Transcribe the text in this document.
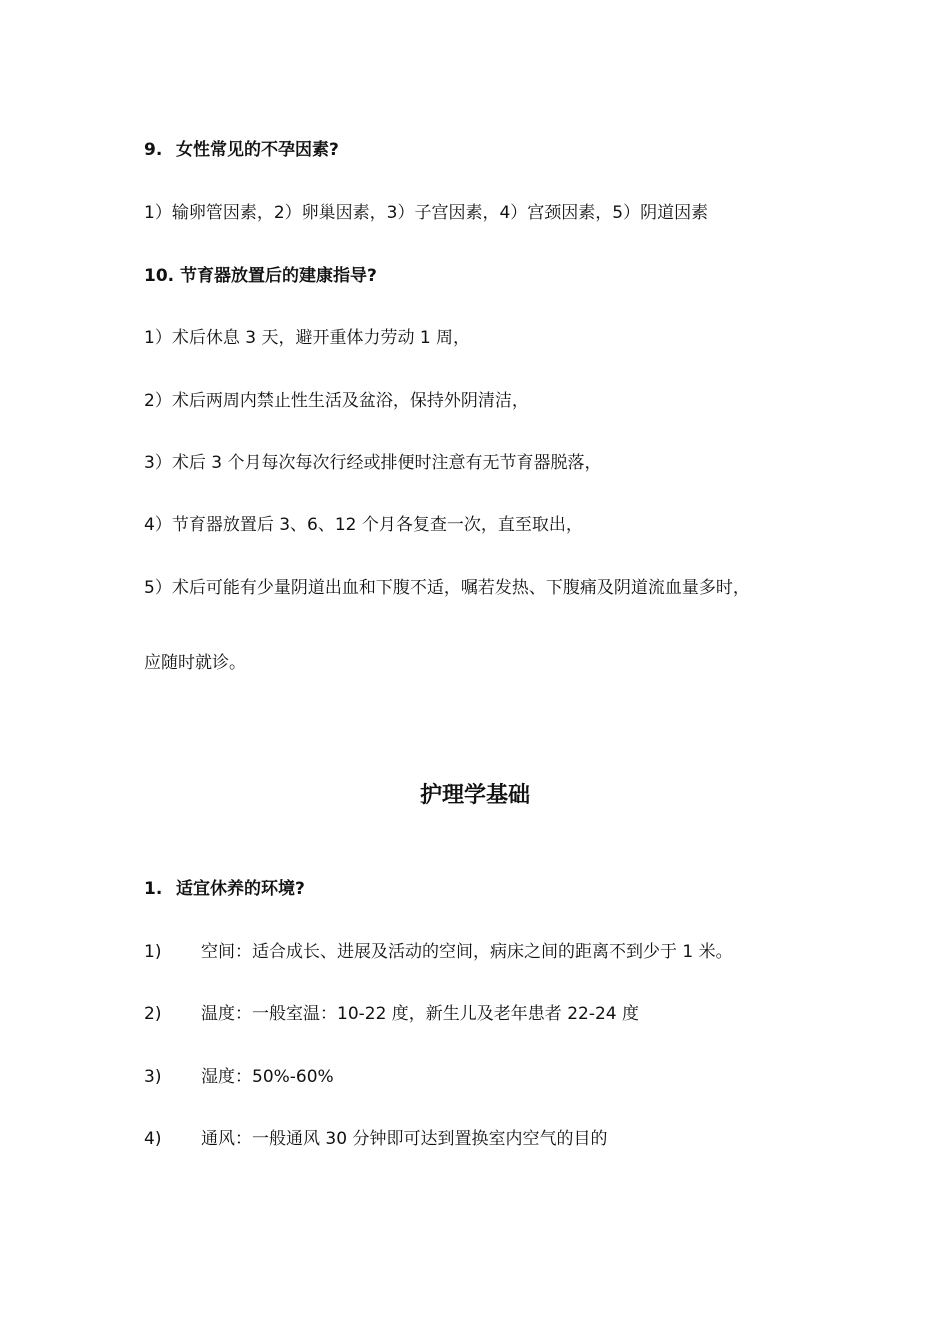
9. 女性常见的不孕因素?
1）输卵管因素，2）卵巢因素，3）子宫因素，4）宫颈因素，5）阴道因素
10. 节育器放置后的建康指导?
1）术后休息 3 天，避开重体力劳动 1 周，
2）术后两周内禁止性生活及盆浴，保持外阴清洁，
3）术后 3 个月每次每次行经或排便时注意有无节育器脱落，
4）节育器放置后 3、6、12 个月各复查一次，直至取出，
5）术后可能有少量阴道出血和下腹不适，嘱若发热、下腹痛及阴道流血量多时，
应随时就诊。
护理学基础
1. 适宜休养的环境?
1) 空间：适合成长、进展及活动的空间，病床之间的距离不到少于 1 米。
2) 温度：一般室温：10-22 度，新生儿及老年患者 22-24 度
3) 湿度：50%-60%
4) 通风：一般通风 30 分钟即可达到置换室内空气的目的
